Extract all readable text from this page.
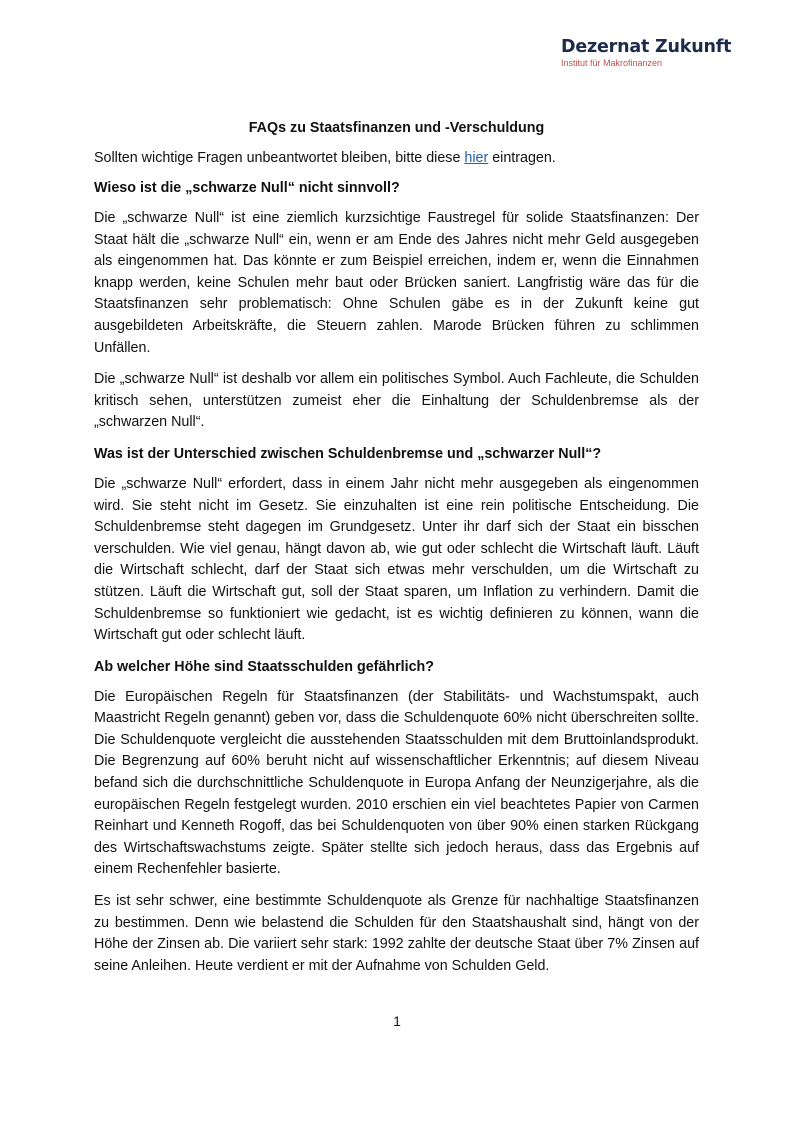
Dezernat Zukunft
Institut für Makrofinanzen
FAQs zu Staatsfinanzen und -Verschuldung
Sollten wichtige Fragen unbeantwortet bleiben, bitte diese hier eintragen.
Wieso ist die „schwarze Null“ nicht sinnvoll?

Die „schwarze Null“ ist eine ziemlich kurzsichtige Faustregel für solide Staatsfinanzen: Der Staat hält die „schwarze Null“ ein, wenn er am Ende des Jahres nicht mehr Geld ausgegeben als eingenommen hat. Das könnte er zum Beispiel erreichen, indem er, wenn die Einnahmen knapp werden, keine Schulen mehr baut oder Brücken saniert. Langfristig wäre das für die Staatsfinanzen sehr problematisch: Ohne Schulen gäbe es in der Zukunft keine gut ausgebildeten Arbeitskräfte, die Steuern zahlen. Marode Brücken führen zu schlimmen Unfällen.

Die „schwarze Null“ ist deshalb vor allem ein politisches Symbol. Auch Fachleute, die Schulden kritisch sehen, unterstützen zumeist eher die Einhaltung der Schuldenbremse als der „schwarzen Null“.

Was ist der Unterschied zwischen Schuldenbremse und „schwarzer Null“?

Die „schwarze Null“ erfordert, dass in einem Jahr nicht mehr ausgegeben als eingenommen wird. Sie steht nicht im Gesetz. Sie einzuhalten ist eine rein politische Entscheidung. Die Schuldenbremse steht dagegen im Grundgesetz. Unter ihr darf sich der Staat ein bisschen verschulden. Wie viel genau, hängt davon ab, wie gut oder schlecht die Wirtschaft läuft. Läuft die Wirtschaft schlecht, darf der Staat sich etwas mehr verschulden, um die Wirtschaft zu stützen. Läuft die Wirtschaft gut, soll der Staat sparen, um Inflation zu verhindern. Damit die Schuldenbremse so funktioniert wie gedacht, ist es wichtig definieren zu können, wann die Wirtschaft gut oder schlecht läuft.

Ab welcher Höhe sind Staatsschulden gefährlich?

Die Europäischen Regeln für Staatsfinanzen (der Stabilitäts- und Wachstumspakt, auch Maastricht Regeln genannt) geben vor, dass die Schuldenquote 60% nicht überschreiten sollte. Die Schuldenquote vergleicht die ausstehenden Staatsschulden mit dem Bruttoinlandsprodukt. Die Begrenzung auf 60% beruht nicht auf wissenschaftlicher Erkenntnis; auf diesem Niveau befand sich die durchschnittliche Schuldenquote in Europa Anfang der Neunzigerjahre, als die europäischen Regeln festgelegt wurden. 2010 erschien ein viel beachtetes Papier von Carmen Reinhart und Kenneth Rogoff, das bei Schuldenquoten von über 90% einen starken Rückgang des Wirtschaftswachstums zeigte. Später stellte sich jedoch heraus, dass das Ergebnis auf einem Rechenfehler basierte.

Es ist sehr schwer, eine bestimmte Schuldenquote als Grenze für nachhaltige Staatsfinanzen zu bestimmen. Denn wie belastend die Schulden für den Staatshaushalt sind, hängt von der Höhe der Zinsen ab. Die variiert sehr stark: 1992 zahlte der deutsche Staat über 7% Zinsen auf seine Anleihen. Heute verdient er mit der Aufnahme von Schulden Geld.

1
